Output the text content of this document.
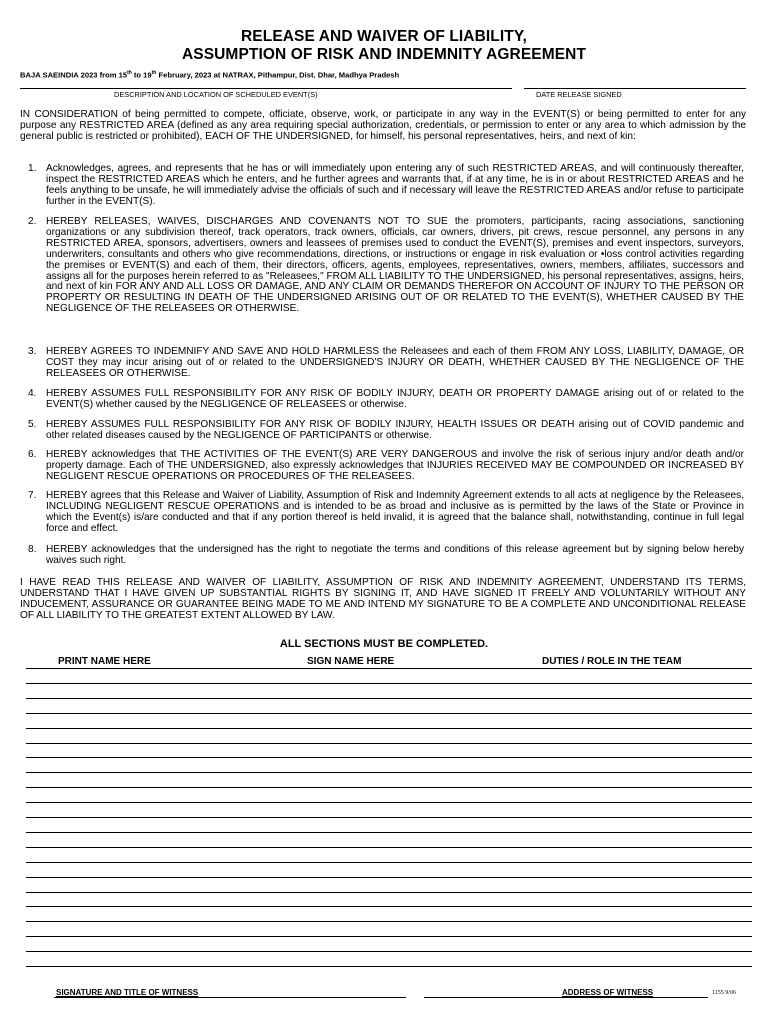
RELEASE AND WAIVER OF LIABILITY,
ASSUMPTION OF RISK AND INDEMNITY AGREEMENT
BAJA SAEINDIA 2023 from 15th to 19th February, 2023 at NATRAX, Pithampur, Dist. Dhar, Madhya Pradesh
DESCRIPTION AND LOCATION OF SCHEDULED EVENT(S)	DATE RELEASE SIGNED

IN CONSIDERATION of being permitted to compete, officiate, observe, work, or participate in any way in the EVENT(S) or being permitted to enter for any purpose any RESTRICTED AREA (defined as any area requiring special authorization, credentials, or permission to enter or any area to which admission by the general public is restricted or prohibited), EACH OF THE UNDERSIGNED, for himself, his personal representatives, heirs, and next of kin:

1. Acknowledges, agrees, and represents that he has or will immediately upon entering any of such RESTRICTED AREAS, and will continuously thereafter, inspect the RESTRICTED AREAS which he enters, and he further agrees and warrants that, if at any time, he is in or about RESTRICTED AREAS and he feels anything to be unsafe, he will immediately advise the officials of such and if necessary will leave the RESTRICTED AREAS and/or refuse to participate further in the EVENT(S).
2. HEREBY RELEASES, WAIVES, DISCHARGES AND COVENANTS NOT TO SUE the promoters, participants, racing associations, sanctioning organizations or any subdivision thereof, track operators, track owners, officials, car owners, drivers, pit crews, rescue personnel, any persons in any RESTRICTED AREA, sponsors, advertisers, owners and leassees of premises used to conduct the EVENT(S), premises and event inspectors, surveyors, underwriters, consultants and others who give recommendations, directions, or instructions or engage in risk evaluation or •loss control activities regarding the premises or EVENT(S) and each of them, their directors, officers, agents, employees, representatives, owners, members, affiliates, successors and assigns all for the purposes herein referred to as "Releasees," FROM ALL LIABILITY TO THE UNDERSIGNED, his personal representatives, assigns, heirs, and next of kin FOR ANY AND ALL LOSS OR DAMAGE, AND ANY CLAIM OR DEMANDS THEREFOR ON ACCOUNT OF INJURY TO THE PERSON OR PROPERTY OR RESULTING IN DEATH OF THE UNDERSIGNED ARISING OUT OF OR RELATED TO THE EVENT(S), WHETHER CAUSED BY THE NEGLIGENCE OF THE RELEASEES OR OTHERWISE.
3. HEREBY AGREES TO INDEMNIFY AND SAVE AND HOLD HARMLESS the Releasees and each of them FROM ANY LOSS, LIABILITY, DAMAGE, OR COST they may incur arising out of or related to the UNDERSIGNED'S INJURY OR DEATH, WHETHER CAUSED BY THE NEGLIGENCE OF THE RELEASEES OR OTHERWISE.
4. HEREBY ASSUMES FULL RESPONSIBILITY FOR ANY RISK OF BODILY INJURY, DEATH OR PROPERTY DAMAGE arising out of or related to the EVENT(S) whether caused by the NEGLIGENCE OF RELEASEES or otherwise.
5. HEREBY ASSUMES FULL RESPONSIBILITY FOR ANY RISK OF BODILY INJURY, HEALTH ISSUES OR DEATH arising out of COVID pandemic and other related diseases caused by the NEGLIGENCE OF PARTICIPANTS or otherwise.
6. HEREBY acknowledges that THE ACTIVITIES OF THE EVENT(S) ARE VERY DANGEROUS and involve the risk of serious injury and/or death and/or property damage. Each of THE UNDERSIGNED, also expressly acknowledges that INJURIES RECEIVED MAY BE COMPOUNDED OR INCREASED BY NEGLIGENT RESCUE OPERATIONS OR PROCEDURES OF THE RELEASEES.
7. HEREBY agrees that this Release and Waiver of Liability, Assumption of Risk and Indemnity Agreement extends to all acts at negligence by the Releasees, INCLUDING NEGLIGENT RESCUE OPERATIONS and is intended to be as broad and inclusive as is permitted by the laws of the State or Province in which the Event(s) is/are conducted and that if any portion thereof is held invalid, it is agreed that the balance shall, notwithstanding, continue in full legal force and effect.
8. HEREBY acknowledges that the undersigned has the right to negotiate the terms and conditions of this release agreement but by signing below hereby waives such right.

I HAVE READ THIS RELEASE AND WAIVER OF LIABILITY, ASSUMPTION OF RISK AND INDEMNITY AGREEMENT, UNDERSTAND ITS TERMS, UNDERSTAND THAT I HAVE GIVEN UP SUBSTANTIAL RIGHTS BY SIGNING IT, AND HAVE SIGNED IT FREELY AND VOLUNTARILY WITHOUT ANY INDUCEMENT, ASSURANCE OR GUARANTEE BEING MADE TO ME AND INTEND MY SIGNATURE TO BE A COMPLETE AND UNCONDITIONAL RELEASE OF ALL LIABILITY TO THE GREATEST EXTENT ALLOWED BY LAW.

ALL SECTIONS MUST BE COMPLETED.
PRINT NAME HERE	SIGN NAME HERE	DUTIES / ROLE IN THE TEAM
SIGNATURE AND TITLE OF WITNESS	ADDRESS OF WITNESS	1155 9/06
